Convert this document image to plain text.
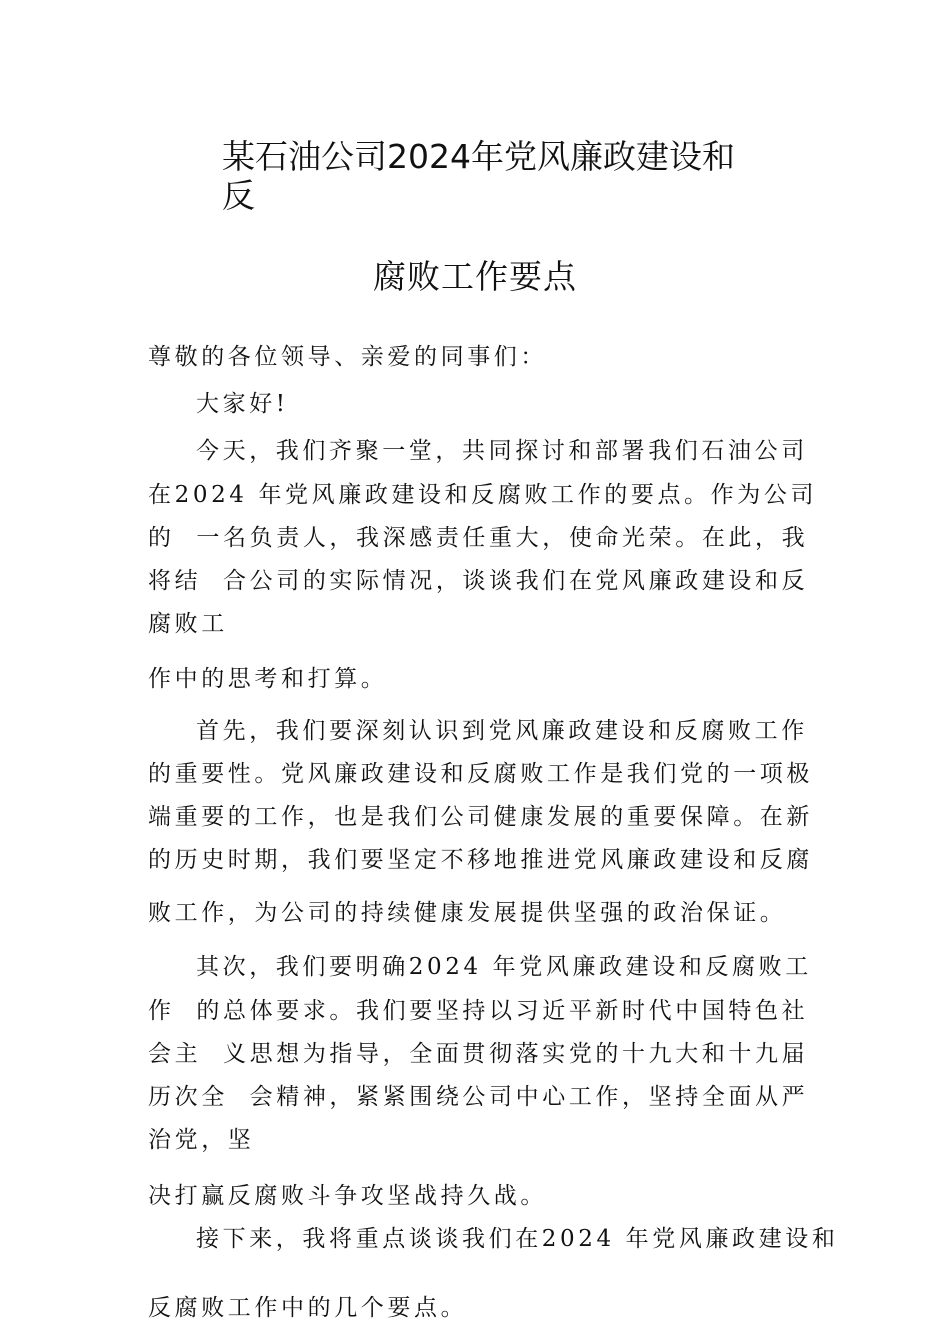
某石油公司2024年党风廉政建设和
反
腐败工作要点
尊敬的各位领导、亲爱的同事们：
大家好!
今天，我们齐聚一堂，共同探讨和部署我们石油公司
在2024 年党风廉政建设和反腐败工作的要点。作为公司
的  一名负责人，我深感责任重大，使命光荣。在此，我
将结  合公司的实际情况，谈谈我们在党风廉政建设和反
腐败工
作中的思考和打算。
首先，我们要深刻认识到党风廉政建设和反腐败工作
的重要性。党风廉政建设和反腐败工作是我们党的一项极
端重要的工作，也是我们公司健康发展的重要保障。在新
的历史时期，我们要坚定不移地推进党风廉政建设和反腐
败工作，为公司的持续健康发展提供坚强的政治保证。
其次，我们要明确2024 年党风廉政建设和反腐败工
作  的总体要求。我们要坚持以习近平新时代中国特色社
会主  义思想为指导，全面贯彻落实党的十九大和十九届
历次全  会精神，紧紧围绕公司中心工作，坚持全面从严
治党，坚
决打赢反腐败斗争攻坚战持久战。
接下来，我将重点谈谈我们在2024 年党风廉政建设和
反腐败工作中的几个要点。
